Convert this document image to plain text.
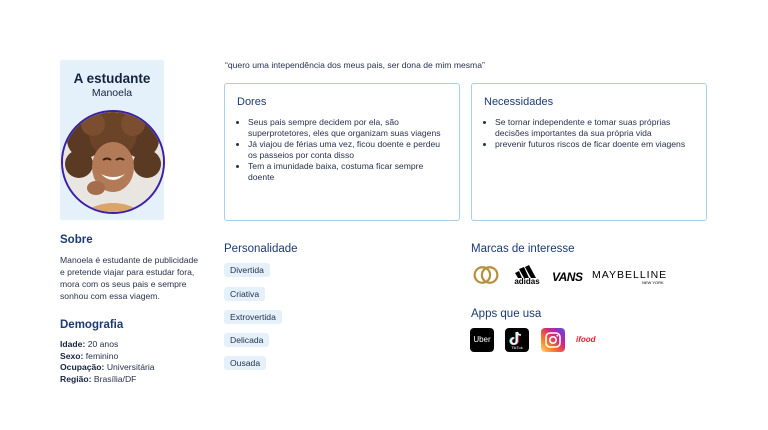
A estudante
Manoela
Sobre
Manoela é estudante de publicidade e pretende viajar para estudar fora, mora com os seus pais e sempre sonhou com essa viagem.
Demografia
Idade: 20 anos
Sexo: feminino
Ocupação: Universitária
Região: Brasília/DF
“quero uma intependência dos meus pais, ser dona de mim mesma”
Dores
• Seus pais sempre decidem por ela, são superprotetores, eles que organizam suas viagens
• Já viajou de férias uma vez, ficou doente e perdeu os passeios por conta disso
• Tem a imunidade baixa, costuma ficar sempre doente
Necessidades
• Se tornar independente e tomar suas próprias decisões importantes da sua própria vida
• prevenir futuros riscos de ficar doente em viagens
Personalidade
Divertida
Criativa
Extrovertida
Delicada
Ousada
Marcas de interesse
adidas VANS MAYBELLINE
NEW YORK
Apps que usa
Uber
TikTok
ifood
